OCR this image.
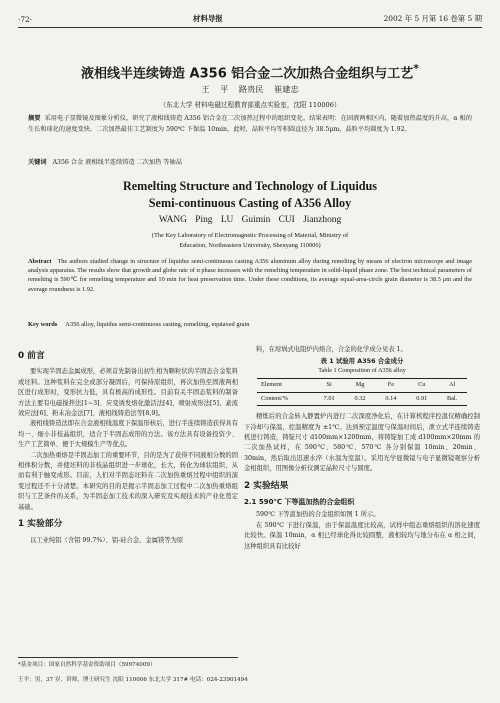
·72·	材料导报	2002 年 5 月第 16 卷第 5 期
液相线半连续铸造 A356 铝合金二次加热合金组织与工艺*
王 平 路贵民 崔建忠
（东北大学 材料电磁过程教育部重点实验室，沈阳 110006）
摘要 采用电子显微镜及图象分析仪，研究了液相线铸造 A356 铝合金在二次加热过程中的组织变化。结果表明：在固液两相区内，随着加热温度的升高，α 相的生长和球化的速度变快。二次加热最佳工艺制度为 590℃ 下保温 10min，此时，晶粒平均等积圆直径为 38.5μm，晶粒平均圆度为 1.92。
关键词 A356 合金 液相线半连续铸造 二次加热 等轴晶
Remelting Structure and Technology of Liquidus
Semi-continuous Casting of A356 Alloy
WANG Ping LU Guimin CUI Jianzhong
(The Key Laboratory of Electromagnetic Processing of Material, Ministry of
Education, Northeastern University, Shenyang 110006)
Abstract The authors studied change in structure of liquidus semi-continuous casting A356 aluminum alloy during remelting by means of electron microscope and image analysis apparatus. The results show that growth and globe rate of α phase increases with the remelting temperature in solid-liquid phase zone. The best technical parameters of remelting is 590℃ for remelting temperature and 10 min for heat preservation time. Under these conditions, its average equal-area-circle grain diameter is 38.5 μm and the average roundness is 1.92.
Key words A356 alloy, liquidus semi-continuous casting, remelting, equiaxed grain
0 前言

要实现半固态金属成形，必须首先制备出初生相为颗粒状的半固态合金浆料或坯料。这种浆料在完全或部分凝固后，可保持原组织，再次加热至固液两相区进行成形时，变形抗力低，具有极高的成形性。目前有关半固态浆料的制备方法主要有电磁搅拌法[1~3]、应变诱发熔化激活法[4]、喷射成形法[5]、紊流效应法[6]、粉末冶金法[7]、液相线铸造法等[8,9]。

液相线铸造法即在合金液相线温度下保温形核后，进行半连续铸造获得具有均一、细小非枝晶组织，适合于半固态成形的方法。该方法具有设备投资少、生产工艺简单、便于大规模生产等优点。

二次加热重熔是半固态加工的重要环节，目的是为了获得不同液相分数的固相体积分数，并使坯料的非枝晶组织进一步球化，长大，转化为球状组织，从而有利于触变成形。目前，人们对半固态坯料在二次加热重熔过程中组织的演变过程还不十分清楚。本研究的目的是揭示半固态加工过程中二次加热重熔组织与工艺条件的关系，为半固态加工技术的深入研究及实现技术的产业化奠定基础。

1 实验部分

以工业纯铝（含铝 99.7%）、铝-硅合金、金属镁等为原

*基金项目：国家自然科学基金资助项目（59974009）
王平：男，37 岁，讲师，博士研究生 沈阳 110006 东北大学 317# 电话：024-23901494

料，在坩埚式电阻炉内熔合，合金的化学成分见表 1。

表 1 试验用 A356 合金成分
Table 1 Composition of A356 alloy
Element	Si	Mg	Fe	Cu	Al
Content/%	7.01	0.32	0.14	0.91	Bal.

精炼后的合金转入静置炉内进行二次深度净化后，在计算机程序控温仪精确控制下冷却与保温，控温精度为 ±1℃。达到预定温度与保温时间后，泄立式半连续铸造机进行铸造，铸锭尺寸 d100mm×1200mm，将铸锭加工成 d100mm×20mm 的二次加热试样，在 590℃、580℃、570℃ 各分别保温 10min、20min、30min，然后取出迅速水淬（水温为室温）。采用光学显微镜与电子显微镜观察分析金相组织，用图像分析仪测定晶粒尺寸与圆度。

2 实验结果
2.1 590℃ 下等温加热的合金组织

590℃ 下等温加热的合金组织如图 1 所示。

在 590℃ 下进行保温，由于保温温度比较高，试样中组态重熔组织的溶化速度比较快。保温 10min，α 相已经球化得比较圆整，液相较均与地分布在 α 相之间，这种组织具有比较好
